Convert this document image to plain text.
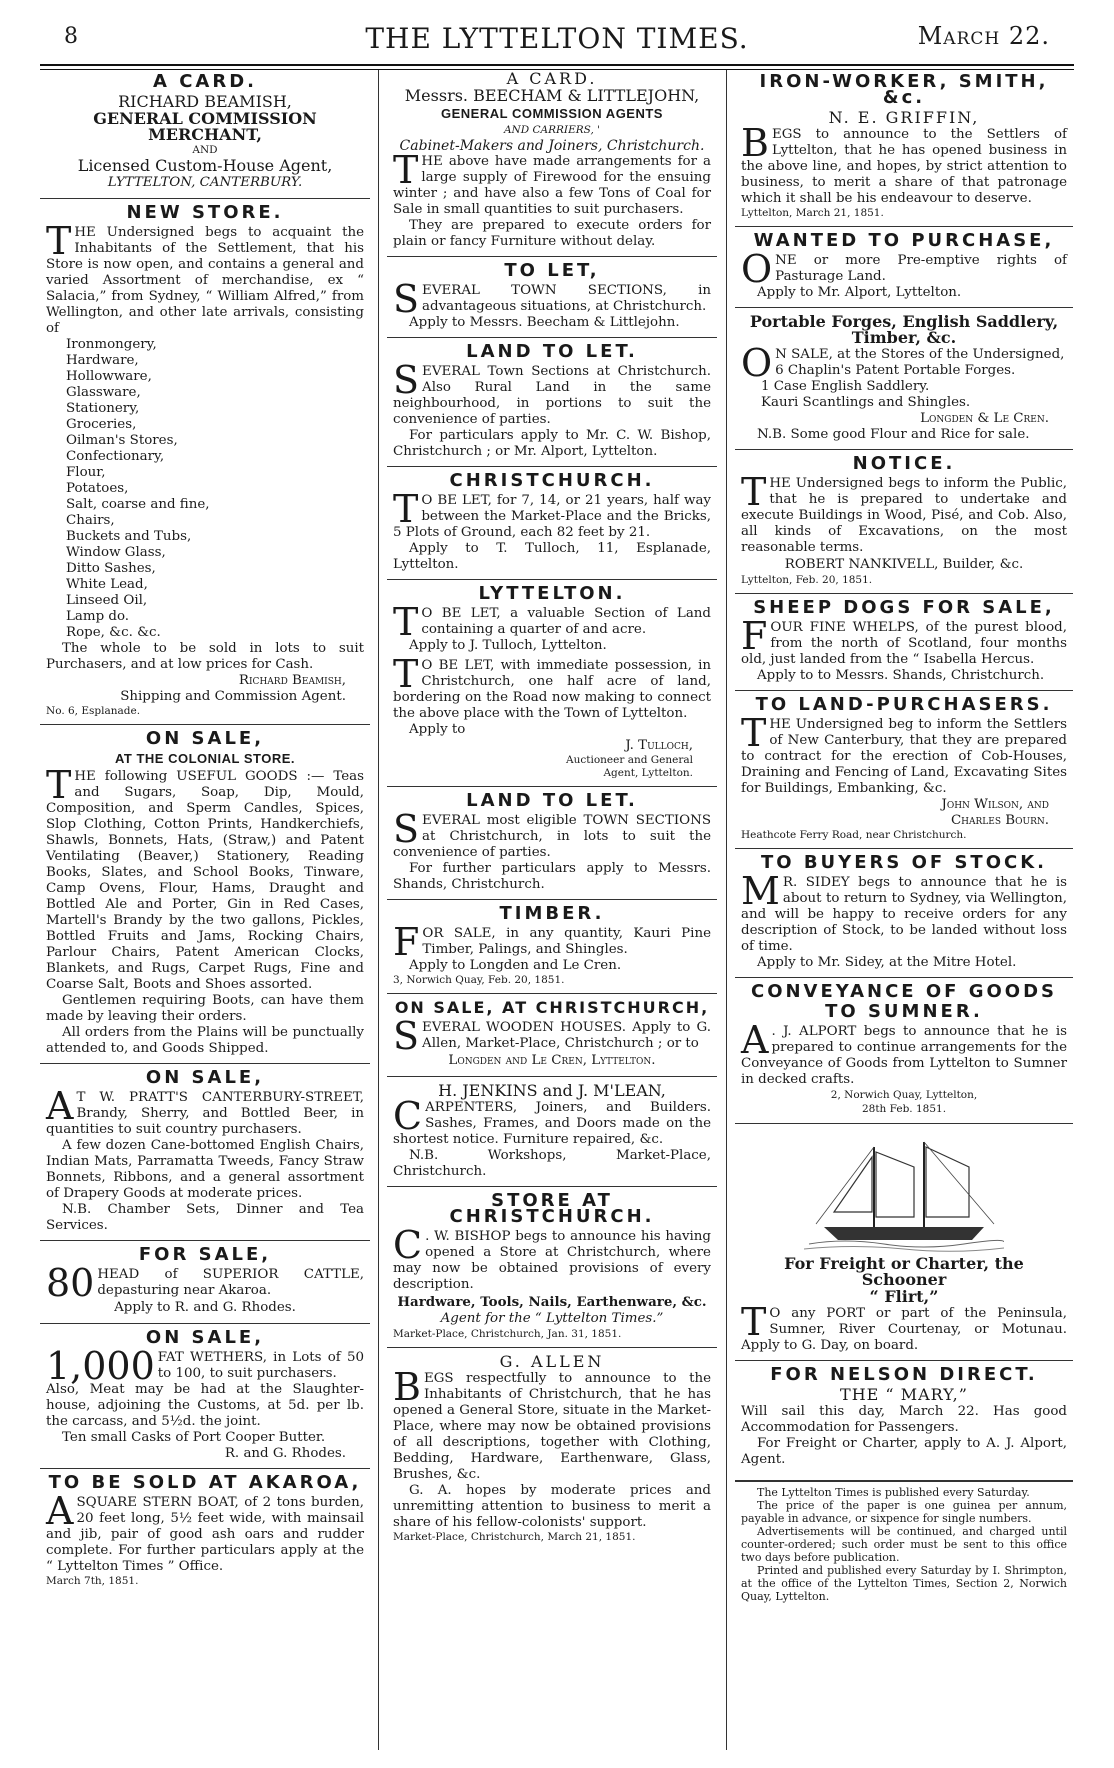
8	THE LYTTELTON TIMES.	March 22.
A CARD.
RICHARD BEAMISH,
GENERAL COMMISSION MERCHANT,
AND
Licensed Custom-House Agent,
LYTTELTON, CANTERBURY.
NEW STORE.

THE Undersigned begs to acquaint the Inhabitants of the Settlement, that his Store is now open, and contains a general and varied Assortment of merchandise, ex “ Salacia,” from Sydney, “ William Alfred,” from Wellington, and other late arrivals, consisting of

Ironmongery,
Hardware,
Hollowware,
Glassware,
Stationery,
Groceries,
Oilman's Stores,
Confectionary,
Flour,
Potatoes,
Salt, coarse and fine,
Chairs,
Buckets and Tubs,
Window Glass,
Ditto Sashes,
White Lead,
Linseed Oil,
Lamp do.
Rope, &c. &c.

The whole to be sold in lots to suit Purchasers, and at low prices for Cash.

Richard Beamish,
Shipping and Commission Agent.
No. 6, Esplanade.
ON SALE,
AT THE COLONIAL STORE.

THE following USEFUL GOODS :— Teas and Sugars, Soap, Dip, Mould, Composition, and Sperm Candles, Spices, Slop Clothing, Cotton Prints, Handkerchiefs, Shawls, Bonnets, Hats, (Straw,) and Patent Ventilating (Beaver,) Stationery, Reading Books, Slates, and School Books, Tinware, Camp Ovens, Flour, Hams, Draught and Bottled Ale and Porter, Gin in Red Cases, Martell's Brandy by the two gallons, Pickles, Bottled Fruits and Jams, Rocking Chairs, Parlour Chairs, Patent American Clocks, Blankets, and Rugs, Carpet Rugs, Fine and Coarse Salt, Boots and Shoes assorted.

Gentlemen requiring Boots, can have them made by leaving their orders.

All orders from the Plains will be punctually attended to, and Goods Shipped.

ON SALE,

A T W. PRATT'S CANTERBURY-STREET, Brandy, Sherry, and Bottled Beer, in quantities to suit country purchasers.

A few dozen Cane-bottomed English Chairs, Indian Mats, Parramatta Tweeds, Fancy Straw Bonnets, Ribbons, and a general assortment of Drapery Goods at moderate prices.

N.B. Chamber Sets, Dinner and Tea Services.

FOR SALE,

80 HEAD of SUPERIOR CATTLE, depasturing near Akaroa.

Apply to R. and G. Rhodes.
ON SALE,

1,000 FAT WETHERS, in Lots of 50 to 100, to suit purchasers.

Also, Meat may be had at the Slaughter-house, adjoining the Customs, at 5d. per lb. the carcass, and 5½d. the joint.

Ten small Casks of Port Cooper Butter.

R. and G. Rhodes.
TO BE SOLD AT AKAROA,

ASQUARE STERN BOAT, of 2 tons burden, 20 feet long, 5½ feet wide, with mainsail and jib, pair of good ash oars and rudder complete. For further particulars apply at the “ Lyttelton Times ” Office.

March 7th, 1851.
A CARD.
Messrs. BEECHAM & LITTLEJOHN,
GENERAL COMMISSION AGENTS
AND CARRIERS, '
Cabinet-Makers and Joiners, Christchurch.

THE above have made arrangements for a large supply of Firewood for the ensuing winter ; and have also a few Tons of Coal for Sale in small quantities to suit purchasers.

They are prepared to execute orders for plain or fancy Furniture without delay.

TO LET,

SEVERAL TOWN SECTIONS, in advantageous situations, at Christchurch.

Apply to Messrs. Beecham & Littlejohn.

LAND TO LET.

SEVERAL Town Sections at Christchurch. Also Rural Land in the same neighbourhood, in portions to suit the convenience of parties.

For particulars apply to Mr. C. W. Bishop, Christchurch ; or Mr. Alport, Lyttelton.

CHRISTCHURCH.

T O BE LET, for 7, 14, or 21 years, half way between the Market-Place and the Bricks, 5 Plots of Ground, each 82 feet by 21.

Apply to T. Tulloch, 11, Esplanade, Lyttelton.

LYTTELTON.

T O BE LET, a valuable Section of Land containing a quarter of and acre.

Apply to J. Tulloch, Lyttelton.

T O BE LET, with immediate possession, in Christchurch, one half acre of land, bordering on the Road now making to connect the above place with the Town of Lyttelton.

Apply to

J. Tulloch,
Auctioneer and General
Agent, Lyttelton.
LAND TO LET.

SEVERAL most eligible TOWN SECTIONS at Christchurch, in lots to suit the convenience of parties.

For further particulars apply to Messrs. Shands, Christchurch.

TIMBER.

FOR SALE, in any quantity, Kauri Pine Timber, Palings, and Shingles.

Apply to Longden and Le Cren.

3, Norwich Quay, Feb. 20, 1851.
ON SALE, AT CHRISTCHURCH,

SEVERAL WOODEN HOUSES. Apply to G. Allen, Market-Place, Christchurch ; or to

Longden and Le Cren, Lyttelton.
H. JENKINS and J. M'LEAN,

CARPENTERS, Joiners, and Builders. Sashes, Frames, and Doors made on the shortest notice. Furniture repaired, &c.

N.B. Workshops, Market-Place, Christchurch.

STORE AT CHRISTCHURCH.

C . W. BISHOP begs to announce his having opened a Store at Christchurch, where may now be obtained provisions of every description.

Hardware, Tools, Nails, Earthenware, &c.
Agent for the “ Lyttelton Times.”
Market-Place, Christchurch, Jan. 31, 1851.
G. ALLEN

BEGS respectfully to announce to the Inhabitants of Christchurch, that he has opened a General Store, situate in the Market-Place, where may now be obtained provisions of all descriptions, together with Clothing, Bedding, Hardware, Earthenware, Glass, Brushes, &c.

G. A. hopes by moderate prices and unremitting attention to business to merit a share of his fellow-colonists' support.

Market-Place, Christchurch, March 21, 1851.
IRON-WORKER, SMITH, &c.
N. E. GRIFFIN,

BEGS to announce to the Settlers of Lyttelton, that he has opened business in the above line, and hopes, by strict attention to business, to merit a share of that patronage which it shall be his endeavour to deserve.

Lyttelton, March 21, 1851.
WANTED TO PURCHASE,

ONE or more Pre-emptive rights of Pasturage Land.

Apply to Mr. Alport, Lyttelton.

Portable Forges, English Saddlery, Timber, &c.

O N SALE, at the Stores of the Undersigned,

6 Chaplin's Patent Portable Forges.
1 Case English Saddlery.
Kauri Scantlings and Shingles.
Longden & Le Cren.

N.B. Some good Flour and Rice for sale.

NOTICE.

THE Undersigned begs to inform the Public, that he is prepared to undertake and execute Buildings in Wood, Pisé, and Cob. Also, all kinds of Excavations, on the most reasonable terms.

ROBERT NANKIVELL, Builder, &c.
Lyttelton, Feb. 20, 1851.
SHEEP DOGS FOR SALE,

FOUR FINE WHELPS, of the purest blood, from the north of Scotland, four months old, just landed from the “ Isabella Hercus.

Apply to to Messrs. Shands, Christchurch.

TO LAND-PURCHASERS.

THE Undersigned beg to inform the Settlers of New Canterbury, that they are prepared to contract for the erection of Cob-Houses, Draining and Fencing of Land, Excavating Sites for Buildings, Embanking, &c.

John Wilson, and
Charles Bourn.
Heathcote Ferry Road, near Christchurch.
TO BUYERS OF STOCK.

M R. SIDEY begs to announce that he is about to return to Sydney, via Wellington, and will be happy to receive orders for any description of Stock, to be landed without loss of time.

Apply to Mr. Sidey, at the Mitre Hotel.

CONVEYANCE OF GOODS
TO SUMNER.

A . J. ALPORT begs to announce that he is prepared to continue arrangements for the Conveyance of Goods from Lyttelton to Sumner in decked crafts.

2, Norwich Quay, Lyttelton,
28th Feb. 1851.
For Freight or Charter, the Schooner
“ Flirt,”

T O any PORT or part of the Peninsula, Sumner, River Courtenay, or Motunau. Apply to G. Day, on board.

FOR NELSON DIRECT.
THE “ MARY,”

Will sail this day, March 22. Has good Accommodation for Passengers.

For Freight or Charter, apply to A. J. Alport, Agent.

The Lyttelton Times is published every Saturday.

The price of the paper is one guinea per annum, payable in advance, or sixpence for single numbers.

Advertisements will be continued, and charged until counter-ordered; such order must be sent to this office two days before publication.

Printed and published every Saturday by I. Shrimpton, at the office of the Lyttelton Times, Section 2, Norwich Quay, Lyttelton.
